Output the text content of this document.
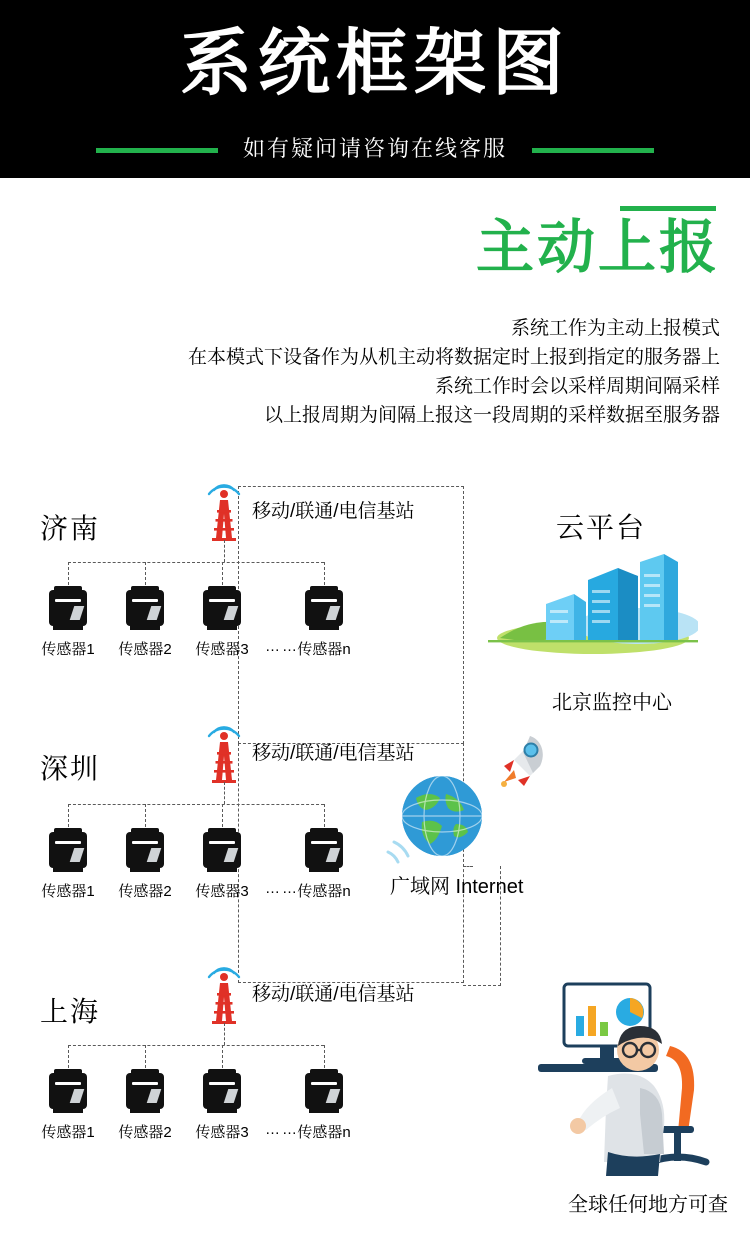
系统框架图
如有疑问请咨询在线客服
主动上报
系统工作为主动上报模式
在本模式下设备作为从机主动将数据定时上报到指定的服务器上
系统工作时会以采样周期间隔采样
以上报周期为间隔上报这一段周期的采样数据至服务器
济南
移动/联通/电信基站
传感器1	传感器2	传感器3	……
传感器n
深圳	移动/联通/电信基站
传感器1	传感器2	传感器3	……
传感器n
上海
移动/联通/电信基站
传感器1	传感器2	传感器3	……
传感器n
云平台
北京监控中心
广域网 Internet
全球任何地方可查
